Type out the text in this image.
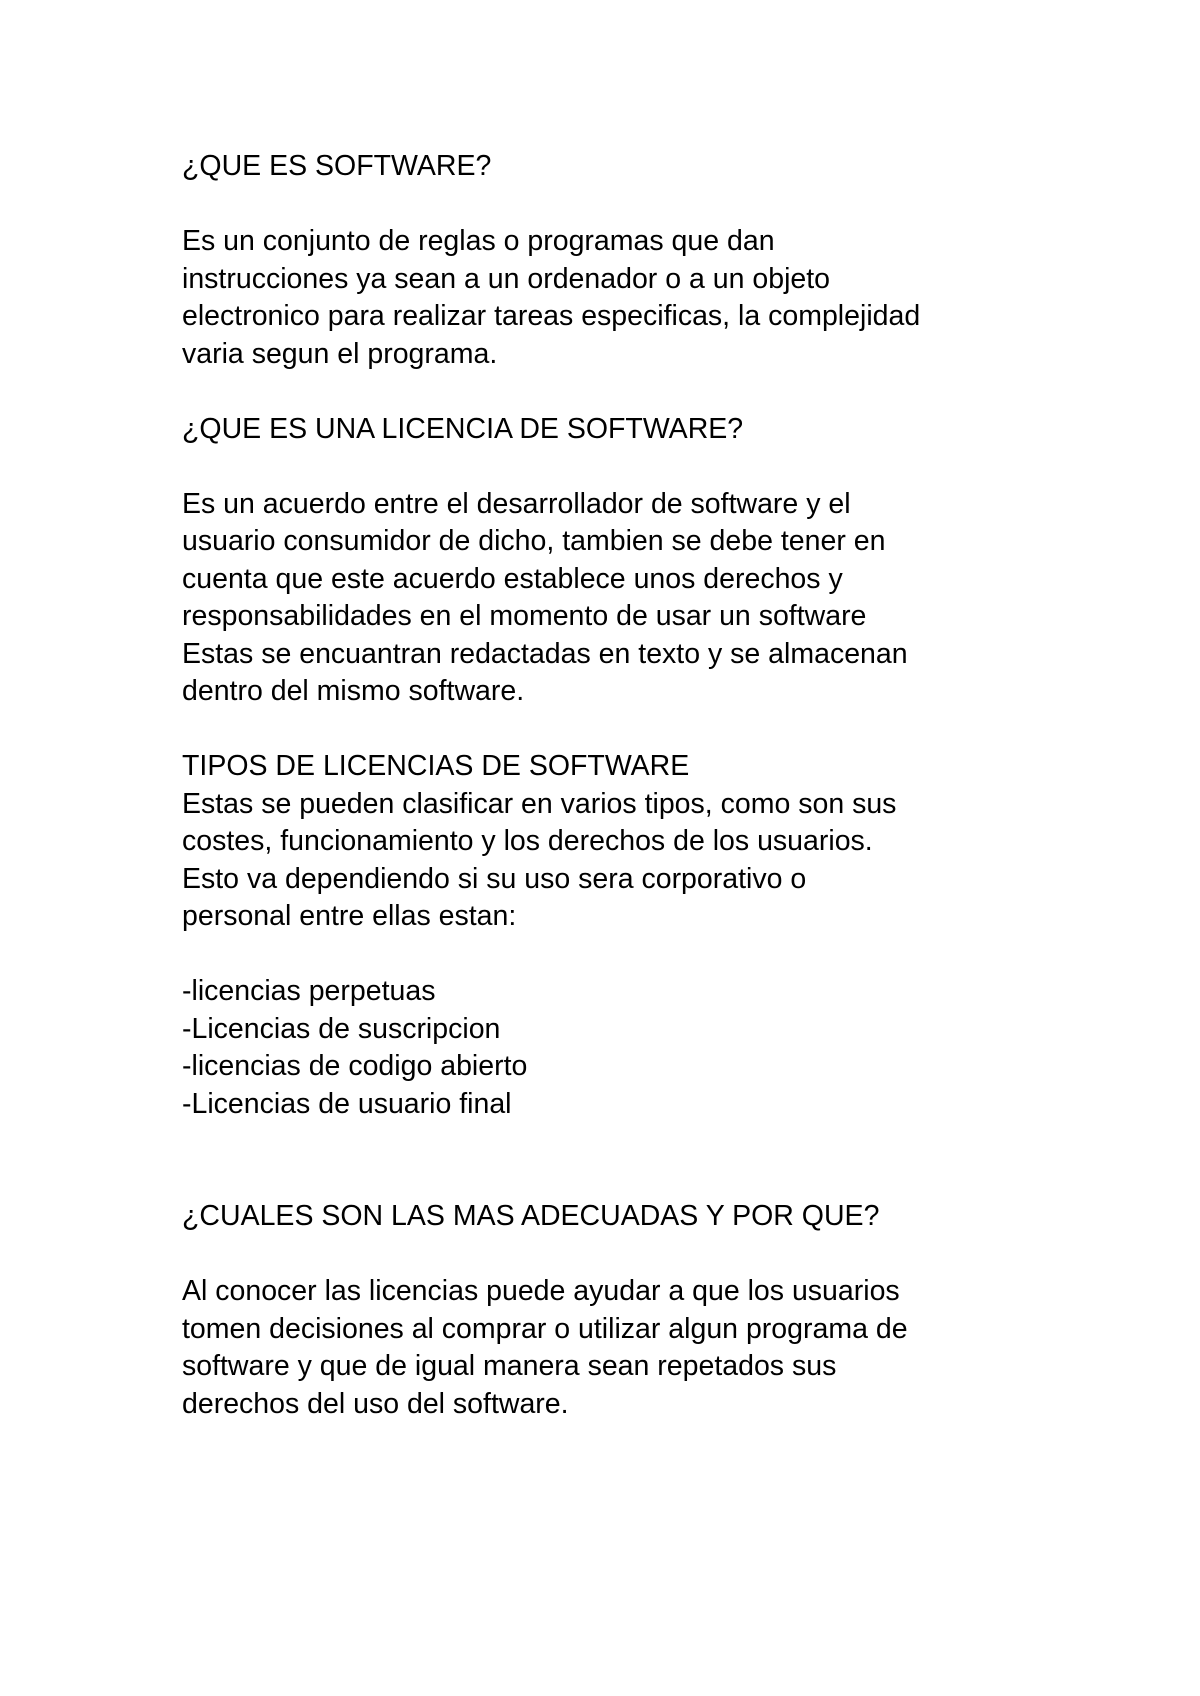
¿QUE ES SOFTWARE?
Es un conjunto de reglas o programas que dan
instrucciones ya sean a un ordenador o a un objeto
electronico para realizar tareas especificas, la complejidad
varia segun el programa.
¿QUE ES UNA LICENCIA DE SOFTWARE?
Es un acuerdo entre el desarrollador de software y el
usuario consumidor de dicho, tambien se debe tener en
cuenta que este acuerdo establece unos derechos y
responsabilidades en el momento de usar un software
Estas se encuantran redactadas en texto y se almacenan
dentro del mismo software.
TIPOS DE LICENCIAS DE SOFTWARE
Estas se pueden clasificar en varios tipos, como son sus
costes, funcionamiento y los derechos de los usuarios.
Esto va dependiendo si su uso sera corporativo o
personal entre ellas estan:
-licencias perpetuas
-Licencias de suscripcion
-licencias de codigo abierto
-Licencias de usuario final
¿CUALES SON LAS MAS ADECUADAS Y POR QUE?
Al conocer las licencias puede ayudar a que los usuarios
tomen decisiones al comprar o utilizar algun programa de
software y que de igual manera sean repetados sus
derechos del uso del software.
